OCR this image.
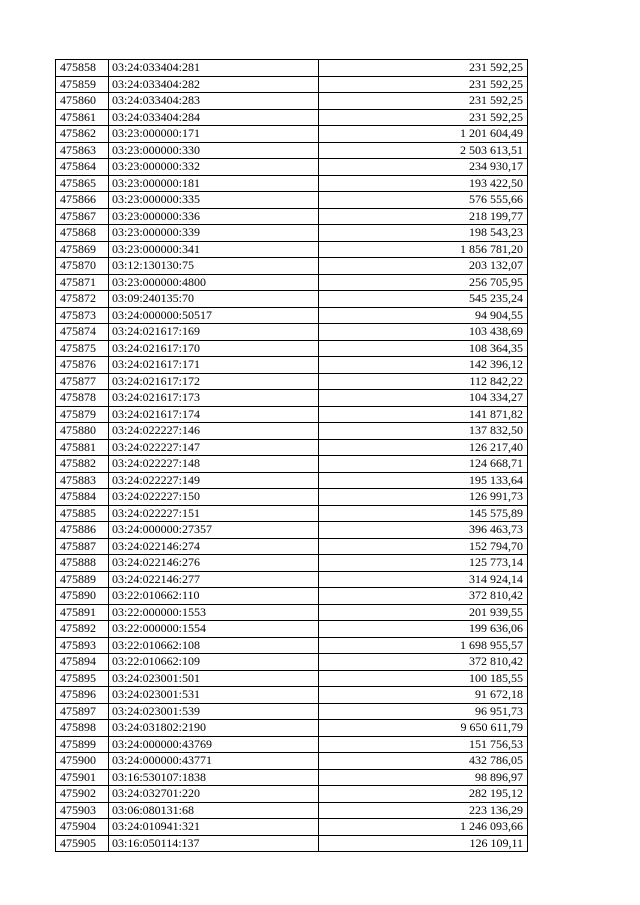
475858	03:24:033404:281	231 592,25
475859	03:24:033404:282	231 592,25
475860	03:24:033404:283	231 592,25
475861	03:24:033404:284	231 592,25
475862	03:23:000000:171	1 201 604,49
475863	03:23:000000:330	2 503 613,51
475864	03:23:000000:332	234 930,17
475865	03:23:000000:181	193 422,50
475866	03:23:000000:335	576 555,66
475867	03:23:000000:336	218 199,77
475868	03:23:000000:339	198 543,23
475869	03:23:000000:341	1 856 781,20
475870	03:12:130130:75	203 132,07
475871	03:23:000000:4800	256 705,95
475872	03:09:240135:70	545 235,24
475873	03:24:000000:50517	94 904,55
475874	03:24:021617:169	103 438,69
475875	03:24:021617:170	108 364,35
475876	03:24:021617:171	142 396,12
475877	03:24:021617:172	112 842,22
475878	03:24:021617:173	104 334,27
475879	03:24:021617:174	141 871,82
475880	03:24:022227:146	137 832,50
475881	03:24:022227:147	126 217,40
475882	03:24:022227:148	124 668,71
475883	03:24:022227:149	195 133,64
475884	03:24:022227:150	126 991,73
475885	03:24:022227:151	145 575,89
475886	03:24:000000:27357	396 463,73
475887	03:24:022146:274	152 794,70
475888	03:24:022146:276	125 773,14
475889	03:24:022146:277	314 924,14
475890	03:22:010662:110	372 810,42
475891	03:22:000000:1553	201 939,55
475892	03:22:000000:1554	199 636,06
475893	03:22:010662:108	1 698 955,57
475894	03:22:010662:109	372 810,42
475895	03:24:023001:501	100 185,55
475896	03:24:023001:531	91 672,18
475897	03:24:023001:539	96 951,73
475898	03:24:031802:2190	9 650 611,79
475899	03:24:000000:43769	151 756,53
475900	03:24:000000:43771	432 786,05
475901	03:16:530107:1838	98 896,97
475902	03:24:032701:220	282 195,12
475903	03:06:080131:68	223 136,29
475904	03:24:010941:321	1 246 093,66
475905	03:16:050114:137	126 109,11
